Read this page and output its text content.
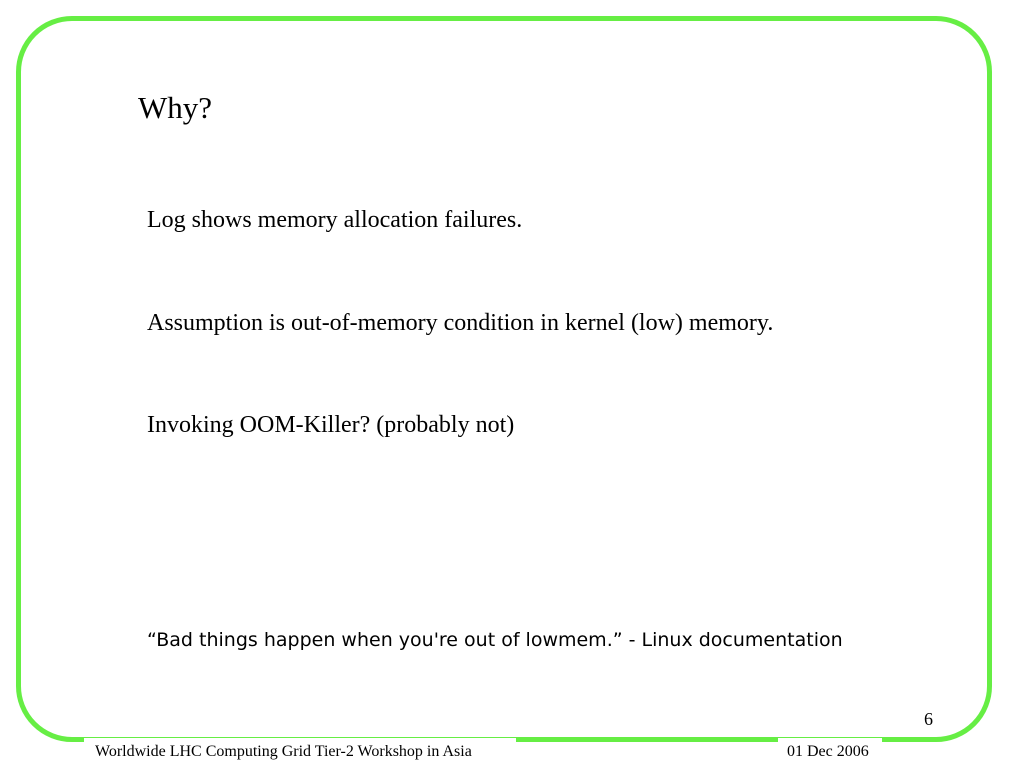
Why?
Log shows memory allocation failures.
Assumption is out-of-memory condition in kernel (low) memory.
Invoking OOM-Killer? (probably not)
“Bad things happen when you're out of lowmem.” - Linux documentation
6
Worldwide LHC Computing Grid Tier-2 Workshop in Asia	01 Dec 2006
